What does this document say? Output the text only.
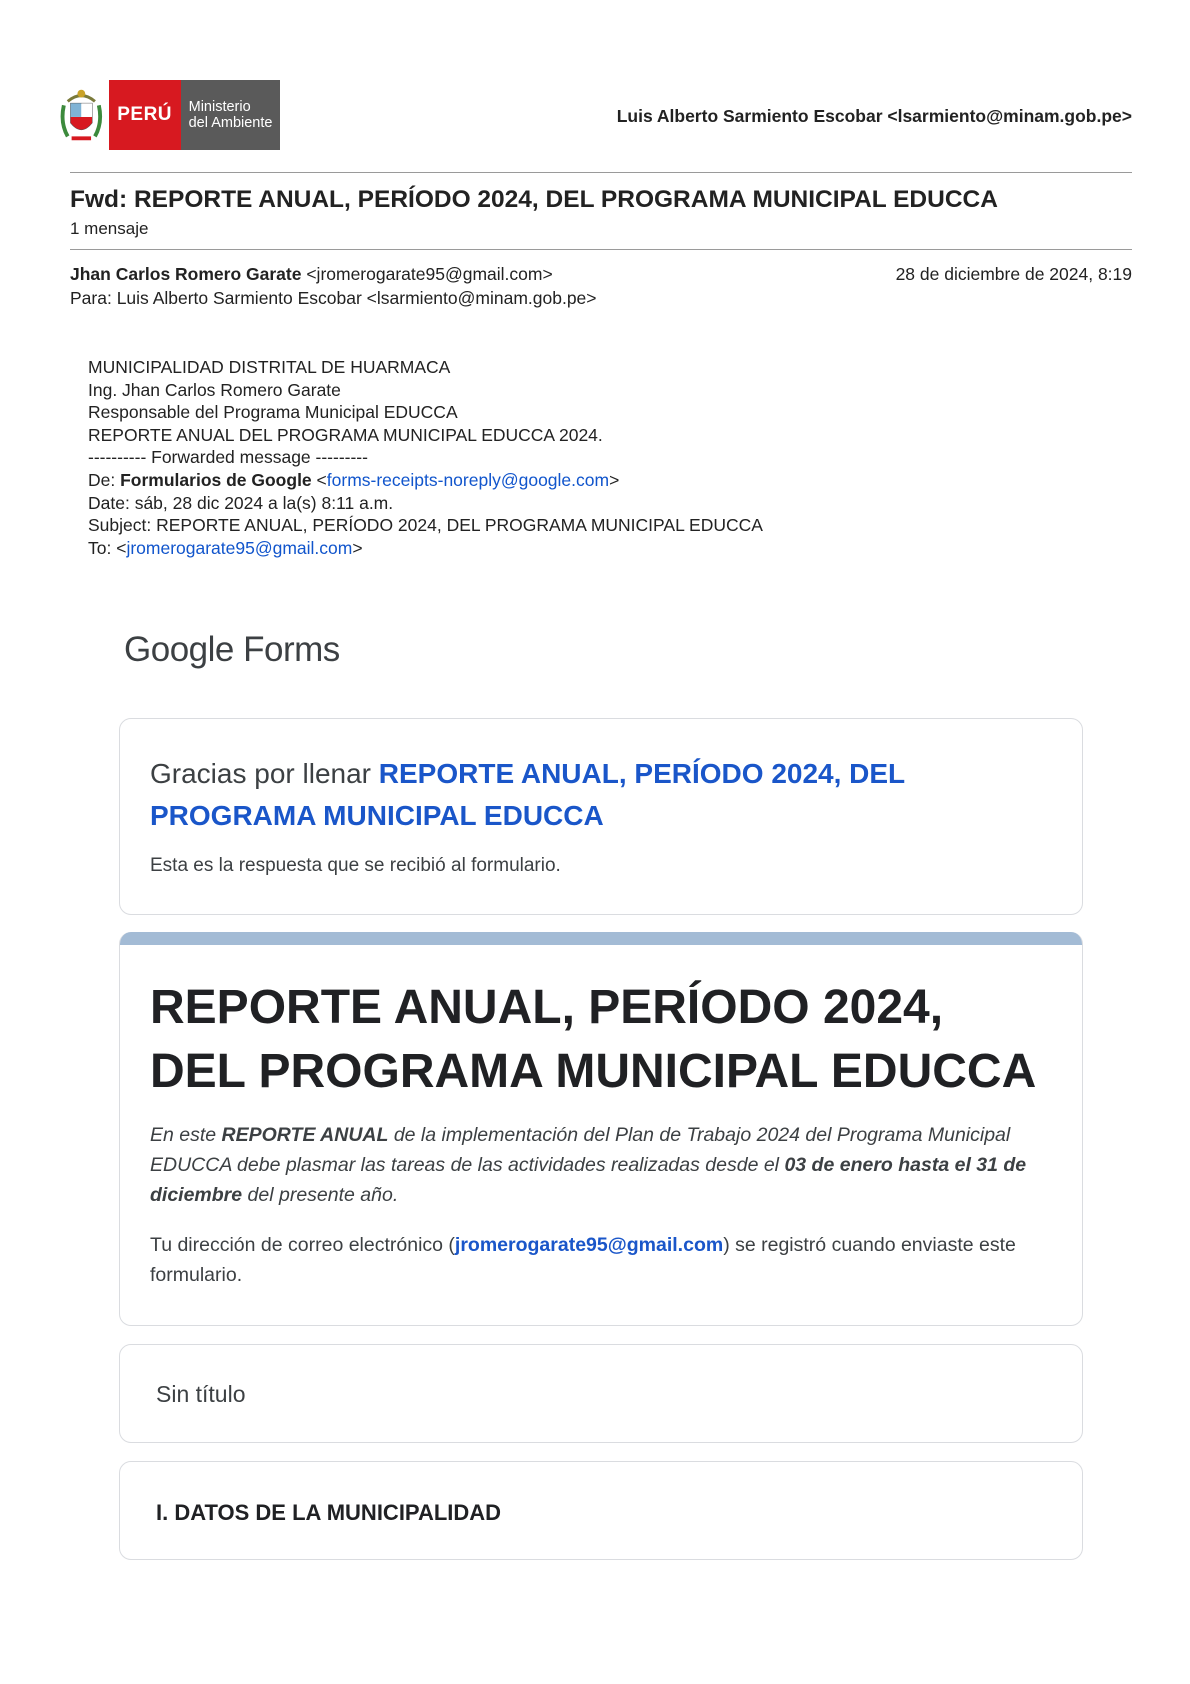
PERÚ	Ministerio
del Ambiente	Luis Alberto Sarmiento Escobar <lsarmiento@minam.gob.pe>
Fwd: REPORTE ANUAL, PERÍODO 2024, DEL PROGRAMA MUNICIPAL EDUCCA
1 mensaje
Jhan Carlos Romero Garate <jromerogarate95@gmail.com>	28 de diciembre de 2024, 8:19
Para: Luis Alberto Sarmiento Escobar <lsarmiento@minam.gob.pe>
MUNICIPALIDAD DISTRITAL DE HUARMACA
Ing. Jhan Carlos Romero Garate
Responsable del Programa Municipal EDUCCA
REPORTE ANUAL DEL PROGRAMA MUNICIPAL EDUCCA 2024.
---------- Forwarded message ---------
De: Formularios de Google <forms-receipts-noreply@google.com>
Date: sáb, 28 dic 2024 a la(s) 8:11 a.m.
Subject: REPORTE ANUAL, PERÍODO 2024, DEL PROGRAMA MUNICIPAL EDUCCA
To: <jromerogarate95@gmail.com>
Google Forms
Gracias por llenar REPORTE ANUAL, PERÍODO 2024, DEL PROGRAMA MUNICIPAL EDUCCA
Esta es la respuesta que se recibió al formulario.
REPORTE ANUAL, PERÍODO 2024, DEL PROGRAMA MUNICIPAL EDUCCA
En este REPORTE ANUAL de la implementación del Plan de Trabajo 2024 del Programa Municipal EDUCCA debe plasmar las tareas de las actividades realizadas desde el 03 de enero hasta el 31 de diciembre del presente año.
Tu dirección de correo electrónico (jromerogarate95@gmail.com) se registró cuando enviaste este formulario.
Sin título
I. DATOS DE LA MUNICIPALIDAD
